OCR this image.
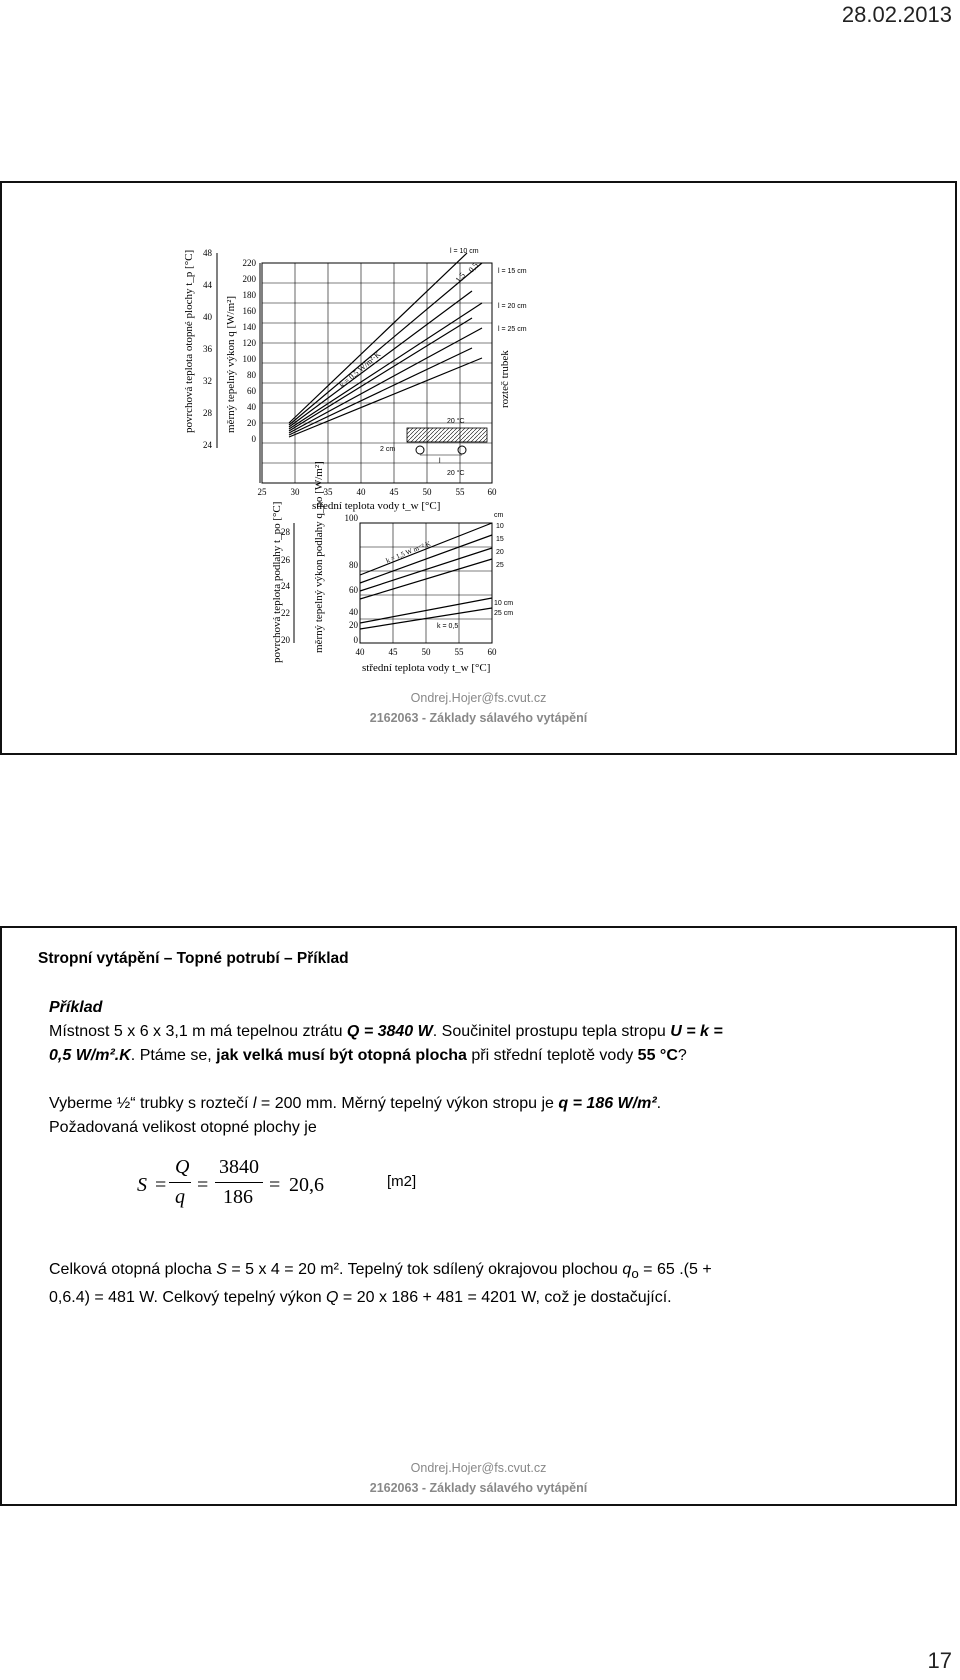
28.02.2013
povrchová teplota otopné plochy t_p [°C]	měrný tepelný výkon q [W/m²]
48
44
40
36
32
28
24
220
200
180
160
140
120
100
80
60
40
20
0
k = 0,5 W/m²·K
1,5
0,5
l = 10 cm
l = 15 cm
l = 20 cm
l = 25 cm
rozteč trubek
20 °C
2 cm
l
20 °C
25	30	35	40	45	50	55	60
střední teplota vody t_w [°C]
povrchová teplota podlahy t_po [°C]	měrný tepelný výkon podlahy q_po [W/m²]
28
26
24
22
20
100
80
60
40
20
0
k = 1,5 W m⁻² K
k = 0,5
cm
10
15
20
25
10 cm
25 cm
40	45	50	55	60
střední teplota vody t_w [°C]
Ondrej.Hojer@fs.cvut.cz
2162063 - Základy sálavého vytápění
Stropní vytápění – Topné potrubí – Příklad
Příklad
Místnost 5 x 6 x 3,1 m má tepelnou ztrátu Q = 3840 W. Součinitel prostupu tepla stropu U = k = 0,5 W/m².K. Ptáme se, jak velká musí být otopná plocha při střední teplotě vody 55 °C?
Vyberme ½“ trubky s roztečí l = 200 mm. Měrný tepelný výkon stropu je q = 186 W/m². Požadovaná velikost otopné plochy je
S =
Q
q
=
3840
186
= 20,6	[m2]
Celková otopná plocha S = 5 x 4 = 20 m². Tepelný tok sdílený okrajovou plochou $q_o = 65$ .(5 + 0,6.4) = 481 W. Celkový tepelný výkon Q = 20 x 186 + 481 = 4201 W, což je dostačující.
Ondrej.Hojer@fs.cvut.cz
2162063 - Základy sálavého vytápění
17
